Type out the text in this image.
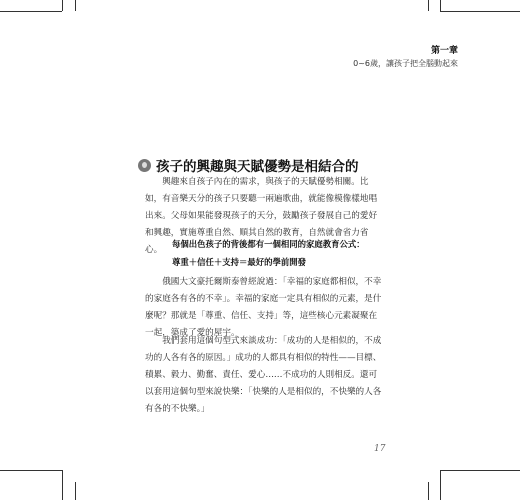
第一章
0~6歲，讓孩子把全腦動起來
孩子的興趣與天賦優勢是相結合的

興趣來自孩子內在的需求，與孩子的天賦優勢相關。比如，有音樂天分的孩子只要聽一兩遍歌曲，就能像模像樣地唱出來。父母如果能發現孩子的天分，鼓勵孩子發展自己的愛好和興趣，實施尊重自然、順其自然的教育，自然就會省力省心。

每個出色孩子的背後都有一個相同的家庭教育公式：
尊重＋信任＋支持＝最好的學前開發

俄國大文豪托爾斯泰曾經說過：「幸福的家庭都相似，不幸的家庭各有各的不幸」。幸福的家庭一定具有相似的元素，是什麼呢？那就是「尊重、信任、支持」等，這些核心元素凝聚在一起，築成了愛的屋宇。

我們套用這個句型式來談成功：「成功的人是相似的，不成功的人各有各的原因。」成功的人都具有相似的特性——目標、積累、毅力、勤奮、責任、愛心……不成功的人則相反。還可以套用這個句型來說快樂：「快樂的人是相似的，不快樂的人各有各的不快樂。」

17
